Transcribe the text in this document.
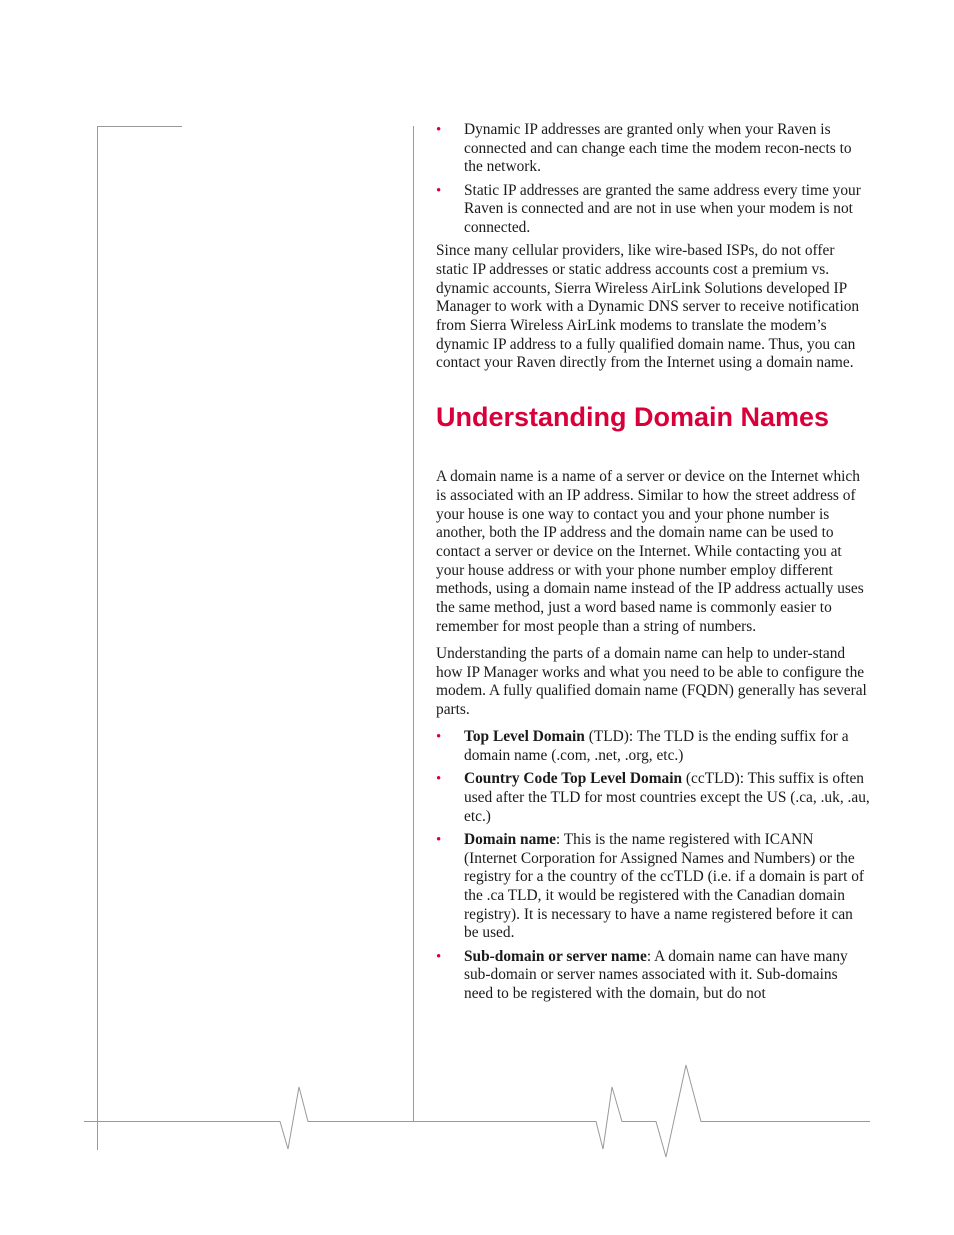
• Dynamic IP addresses are granted only when your Raven is connected and can change each time the modem recon-nects to the network.
• Static IP addresses are granted the same address every time your Raven is connected and are not in use when your modem is not connected.

Since many cellular providers, like wire-based ISPs, do not offer static IP addresses or static address accounts cost a premium vs. dynamic accounts, Sierra Wireless AirLink Solutions developed IP Manager to work with a Dynamic DNS server to receive notification from Sierra Wireless AirLink modems to translate the modem’s dynamic IP address to a fully qualified domain name. Thus, you can contact your Raven directly from the Internet using a domain name.

Understanding Domain Names

A domain name is a name of a server or device on the Internet which is associated with an IP address. Similar to how the street address of your house is one way to contact you and your phone number is another, both the IP address and the domain name can be used to contact a server or device on the Internet. While contacting you at your house address or with your phone number employ different methods, using a domain name instead of the IP address actually uses the same method, just a word based name is commonly easier to remember for most people than a string of numbers.

Understanding the parts of a domain name can help to under-stand how IP Manager works and what you need to be able to configure the modem. A fully qualified domain name (FQDN) generally has several parts.

• Top Level Domain (TLD): The TLD is the ending suffix for a domain name (.com, .net, .org, etc.)
• Country Code Top Level Domain (ccTLD): This suffix is often used after the TLD for most countries except the US (.ca, .uk, .au, etc.)
• Domain name: This is the name registered with ICANN (Internet Corporation for Assigned Names and Numbers) or the registry for a the country of the ccTLD (i.e. if a domain is part of the .ca TLD, it would be registered with the Canadian domain registry). It is necessary to have a name registered before it can be used.
• Sub-domain or server name: A domain name can have many sub-domain or server names associated with it. Sub-domains need to be registered with the domain, but do not
